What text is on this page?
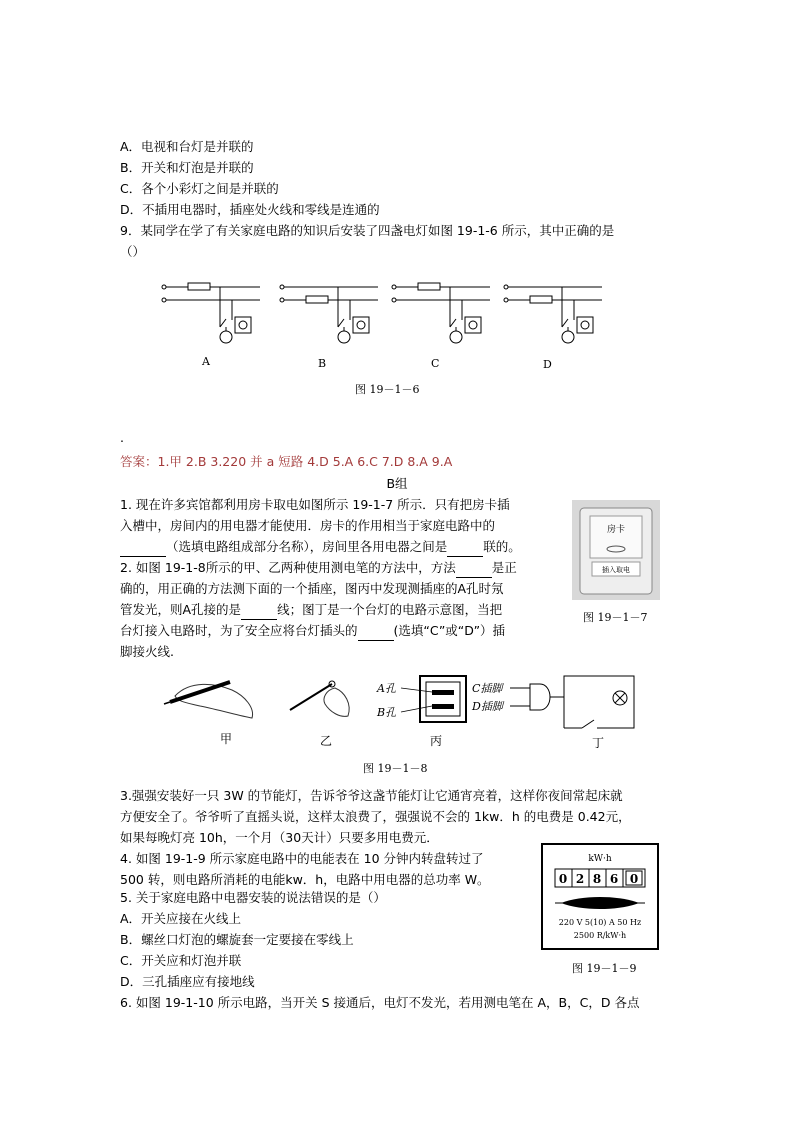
A．电视和台灯是并联的
B．开关和灯泡是并联的
C．各个小彩灯之间是并联的
D．不插用电器时，插座处火线和零线是连通的
9．某同学在学了有关家庭电路的知识后安装了四盏电灯如图 19-1-6 所示，其中正确的是
（）
A	B	C	D
图 19－1－6
.
答案：1.甲 2.B 3.220 并 a 短路 4.D 5.A 6.C 7.D 8.A 9.A
B组
1. 现在许多宾馆都利用房卡取电如图所示 19-1-7 所示．只有把房卡插
入槽中，房间内的用电器才能使用．房卡的作用相当于家庭电路中的
（选填电路组成部分名称），房间里各用电器之间是	联的。
房卡
插入取电
图 19－1－7
2. 如图 19-1-8所示的甲、乙两种使用测电笔的方法中，方法	是正
确的，用正确的方法测下面的一个插座，图丙中发现测插座的A孔时氖
管发光，则A孔接的是	线；图丁是一个台灯的电路示意图，当把
台灯接入电路时，为了安全应将台灯插头的	(选填“C”或“D”）插
脚接火线.
A孔
B孔
C插脚
D插脚
甲	乙	丙	丁
图 19－1－8
3.强强安装好一只 3W 的节能灯，告诉爷爷这盏节能灯让它通宵亮着，这样你夜间常起床就
方便安全了。爷爷听了直摇头说，这样太浪费了，强强说不会的 1kw．h 的电费是 0.42元，
如果每晚灯亮 10h，一个月（30天计）只要多用电费元．
4. 如图 19-1-9 所示家庭电路中的电能表在 10 分钟内转盘转过了
500 转，则电路所消耗的电能kw．h，电路中用电器的总功率 W。
kW·h
0 2 8 6 0
220 V 5(10) A 50 Hz
2500 R/kW·h
图 19－1－9
5. 关于家庭电路中电器安装的说法错误的是（）
A．开关应接在火线上
B．螺丝口灯泡的螺旋套一定要接在零线上
C．开关应和灯泡并联
D．三孔插座应有接地线
6. 如图 19-1-10 所示电路，当开关 S 接通后，电灯不发光，若用测电笔在 A，B，C，D 各点
